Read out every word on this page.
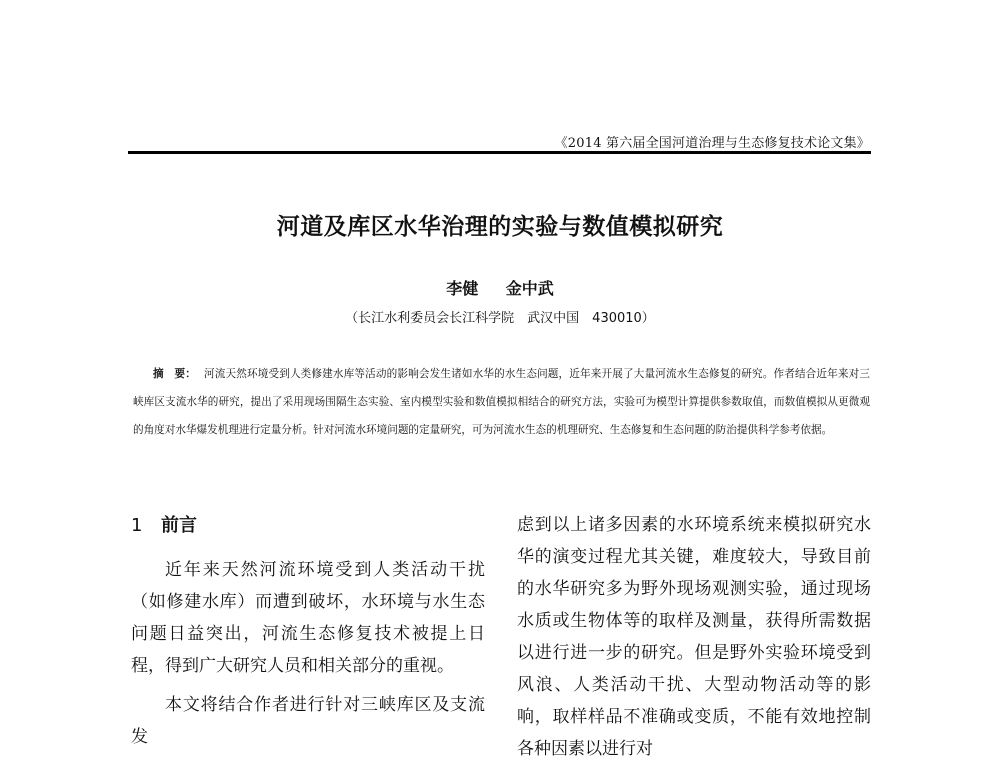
《2014 第六届全国河道治理与生态修复技术论文集》
河道及库区水华治理的实验与数值模拟研究
李健 金中武
（长江水利委员会长江科学院　武汉中国　430010）

摘　要： 河流天然环境受到人类修建水库等活动的影响会发生诸如水华的水生态问题，近年来开展了大量河流水生态修复的研究。作者结合近年来对三峡库区支流水华的研究，提出了采用现场围隔生态实验、室内模型实验和数值模拟相结合的研究方法，实验可为模型计算提供参数取值，而数值模拟从更微观的角度对水华爆发机理进行定量分析。针对河流水环境问题的定量研究，可为河流水生态的机理研究、生态修复和生态问题的防治提供科学参考依据。

1 前言

近年来天然河流环境受到人类活动干扰（如修建水库）而遭到破坏，水环境与水生态问题日益突出，河流生态修复技术被提上日程，得到广大研究人员和相关部分的重视。

本文将结合作者进行针对三峡库区及支流发

虑到以上诸多因素的水环境系统来模拟研究水华的演变过程尤其关键，难度较大，导致目前的水华研究多为野外现场观测实验，通过现场水质或生物体等的取样及测量，获得所需数据以进行进一步的研究。但是野外实验环境受到风浪、人类活动干扰、大型动物活动等的影响，取样样品不准确或变质，不能有效地控制各种因素以进行对
